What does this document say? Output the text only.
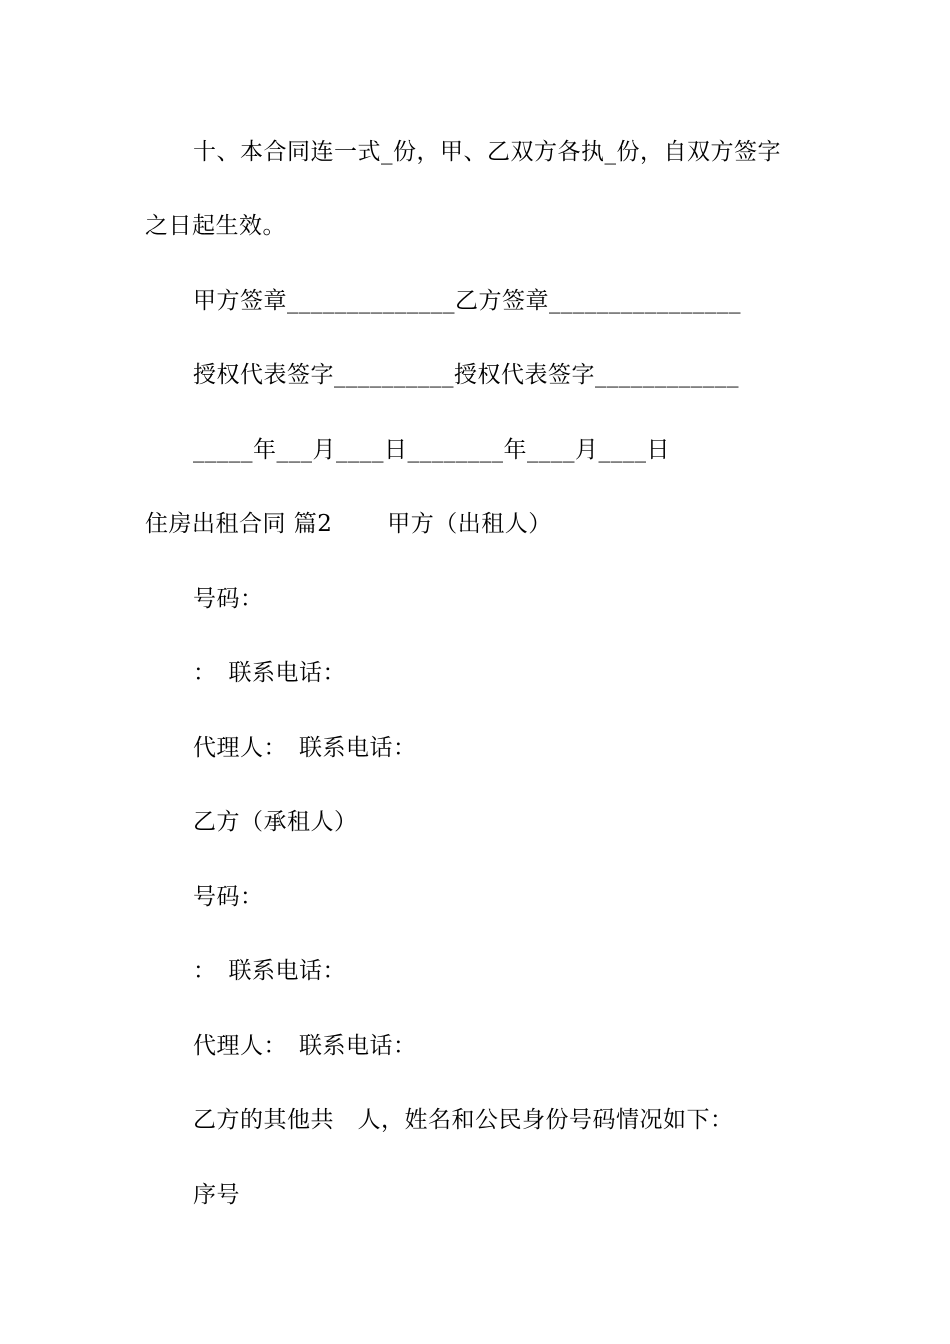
十、本合同连一式_份，甲、乙双方各执_份，自双方签字
之日起生效。
甲方签章______________乙方签章________________
授权代表签字__________授权代表签字____________
_____年___月____日________年____月____日
住房出租合同 篇2　　 甲方（出租人）
号码：
：　联系电话：
代理人：　联系电话：
乙方（承租人）
号码：
：　联系电话：
代理人：　联系电话：
乙方的其他共　人，姓名和公民身份号码情况如下：
序号
